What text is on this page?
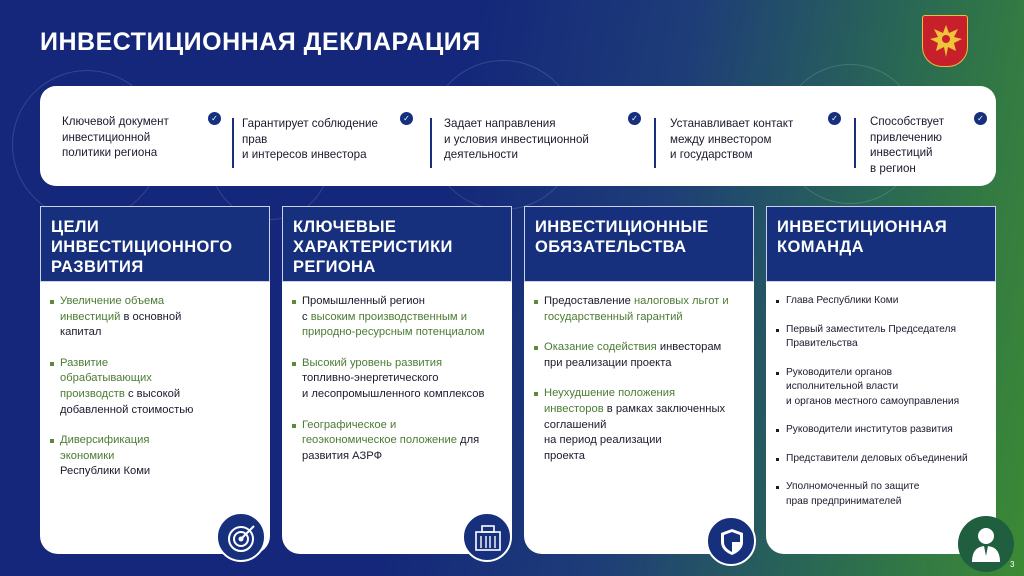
ИНВЕСТИЦИОННАЯ ДЕКЛАРАЦИЯ
Ключевой документ
инвестиционной
политики региона
✓ Гарантирует соблюдение
прав
и интересов инвестора
✓	Задает направления
и условия инвестиционной
деятельности
✓	Устанавливает контакт
между инвестором
и государством
✓	Способствует
привлечению
инвестиций
в регион
✓
ЦЕЛИ
ИНВЕСТИЦИОННОГО
РАЗВИТИЯ
Увеличение объема
инвестиций в основной
капитал
Развитие
обрабатывающих
производств с высокой
добавленной стоимостью
Диверсификация
экономики
Республики Коми
КЛЮЧЕВЫЕ
ХАРАКТЕРИСТИКИ
РЕГИОНА
Промышленный регион
с высоким производственным и
природно-ресурсным потенциалом
Высокий уровень развития
топливно-энергетического
и лесопромышленного комплексов
Географическое и
геоэкономическое положение для
развития АЗРФ
ИНВЕСТИЦИОННЫЕ
ОБЯЗАТЕЛЬСТВА
Предоставление налоговых льгот и
государственный гарантий
Оказание содействия инвесторам
при реализации проекта
Неухудшение положения
инвесторов в рамках заключенных
соглашений
на период реализации
проекта
ИНВЕСТИЦИОННАЯ
КОМАНДА
Глава Республики Коми
Первый заместитель Председателя
Правительства
Руководители органов
исполнительной власти
и органов местного самоуправления
Руководители институтов развития
Представители деловых объединений
Уполномоченный по защите
прав предпринимателей
3
